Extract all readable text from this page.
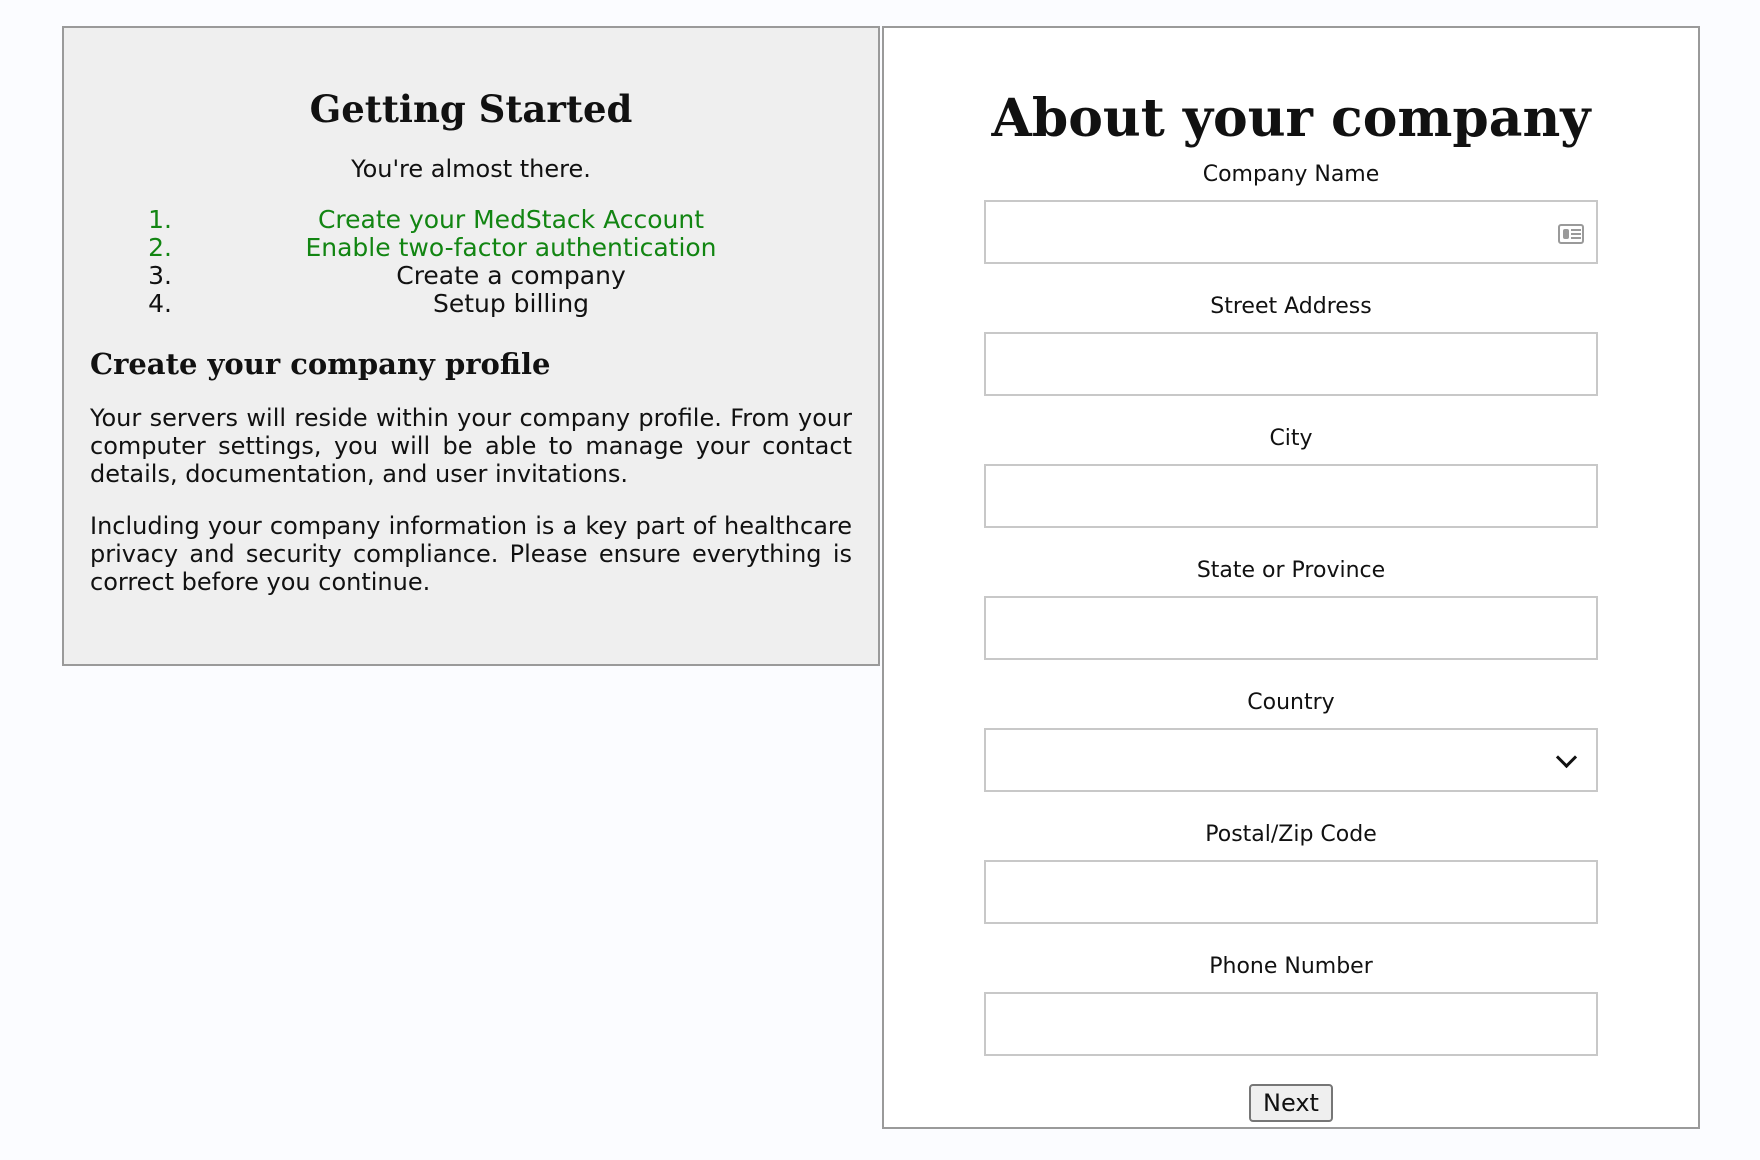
Getting Started

You're almost there.

1.	Create your MedStack Account
2.	Enable two-factor authentication
3.	Create a company
4.	Setup billing
Create your company profile

Your servers will reside within your company profile. From your computer settings, you will be able to manage your contact details, documentation, and user invitations.

Including your company information is a key part of healthcare privacy and security compliance. Please ensure everything is correct before you continue.

About your company
Company Name
Street Address
City
State or Province
Country
Postal/Zip Code
Phone Number
Next
